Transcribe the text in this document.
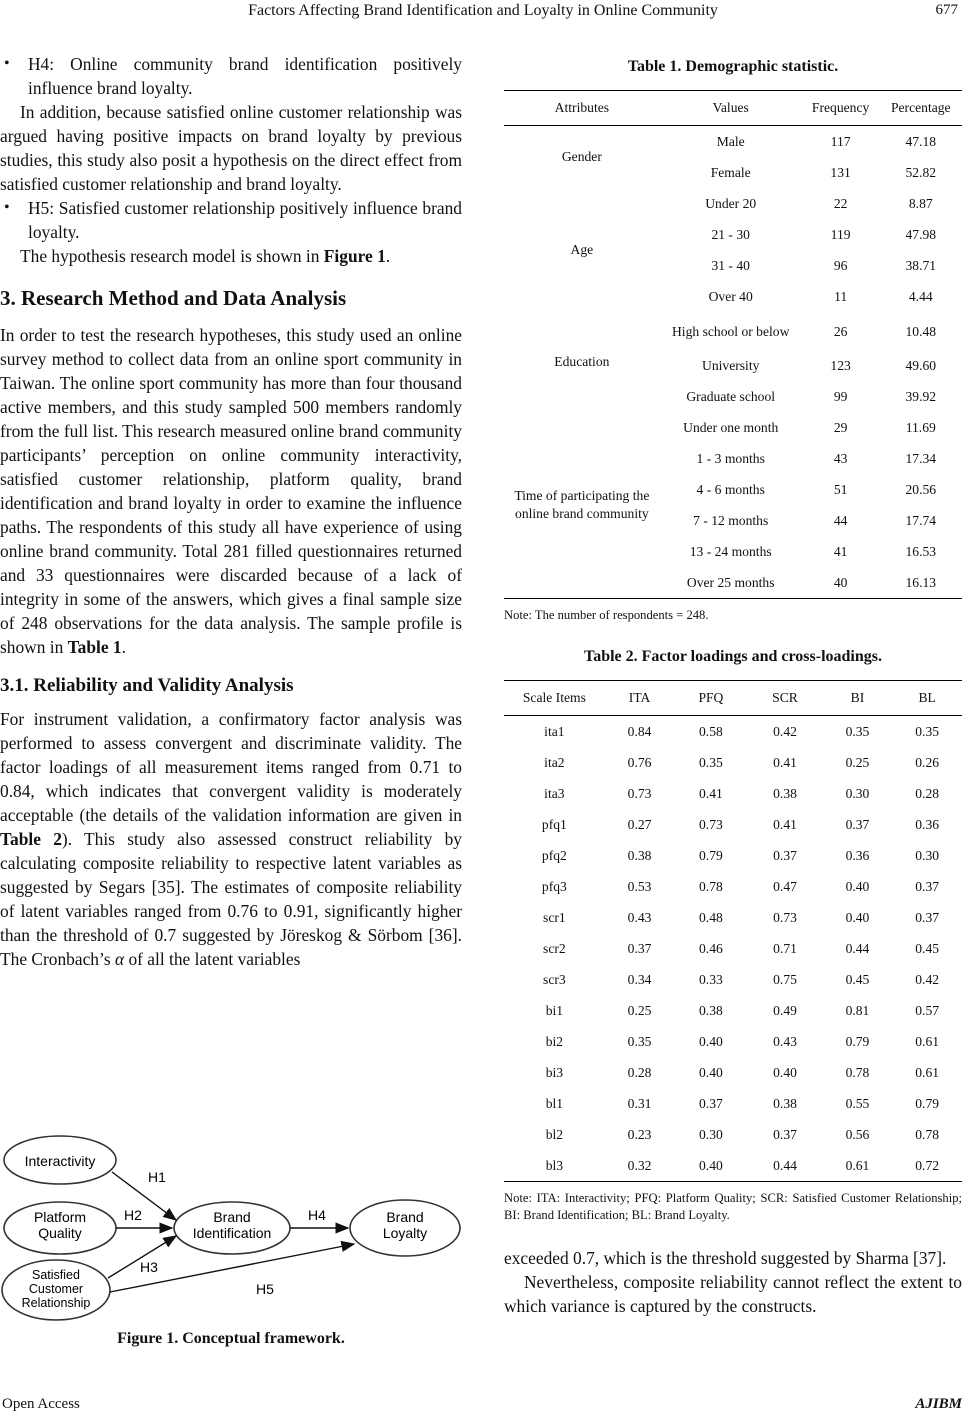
Factors Affecting Brand Identification and Loyalty in Online Community	677
• H4: Online community brand identification positively influence brand loyalty.

In addition, because satisfied online customer relationship was argued having positive impacts on brand loyalty by previous studies, this study also posit a hypothesis on the direct effect from satisfied customer relationship and brand loyalty.

• H5: Satisfied customer relationship positively influence brand loyalty.

The hypothesis research model is shown in Figure 1.

3. Research Method and Data Analysis

In order to test the research hypotheses, this study used an online survey method to collect data from an online sport community in Taiwan. The online sport community has more than four thousand active members, and this study sampled 500 members randomly from the full list. This research measured online brand community participants’ perception on online community interactivity, satisfied customer relationship, platform quality, brand identification and brand loyalty in order to examine the influence paths. The respondents of this study all have experience of using online brand community. Total 281 filled questionnaires returned and 33 questionnaires were discarded because of a lack of integrity in some of the answers, which gives a final sample size of 248 observations for the data analysis. The sample profile is shown in Table 1.

3.1. Reliability and Validity Analysis

For instrument validation, a confirmatory factor analysis was performed to assess convergent and discriminate validity. The factor loadings of all measurement items ranged from 0.71 to 0.84, which indicates that convergent validity is moderately acceptable (the details of the validation information are given in Table 2). This study also assessed construct reliability by calculating composite reliability to respective latent variables as suggested by Segars [35]. The estimates of composite reliability of latent variables ranged from 0.76 to 0.91, significantly higher than the threshold of 0.7 suggested by Jöreskog & Sörbom [36]. The Cronbach’s α of all the latent variables

Interactivity
Platform
Quality
Satisfied
Customer
Relationship
Brand
Identification
Brand
Loyalty
H1
H2
H3
H4
H5
Figure 1. Conceptual framework.

Table 1. Demographic statistic.

Attributes	Values	Frequency	Percentage
Gender	Male	117	47.18
	Female	131	52.82
Age	Under 20	22	8.87
	21 - 30	119	47.98
	31 - 40	96	38.71
	Over 40	11	4.44
Education	High school or below	26	10.48
	University	123	49.60
	Graduate school	99	39.92
Time of participating the online brand community	Under one month	29	11.69
	1 - 3 months	43	17.34
	4 - 6 months	51	20.56
	7 - 12 months	44	17.74
	13 - 24 months	41	16.53
	Over 25 months	40	16.13
Note: The number of respondents = 248.

Table 2. Factor loadings and cross-loadings.

Scale Items	ITA	PFQ	SCR	BI	BL
ita1	0.84	0.58	0.42	0.35	0.35
ita2	0.76	0.35	0.41	0.25	0.26
ita3	0.73	0.41	0.38	0.30	0.28
pfq1	0.27	0.73	0.41	0.37	0.36
pfq2	0.38	0.79	0.37	0.36	0.30
pfq3	0.53	0.78	0.47	0.40	0.37
scr1	0.43	0.48	0.73	0.40	0.37
scr2	0.37	0.46	0.71	0.44	0.45
scr3	0.34	0.33	0.75	0.45	0.42
bi1	0.25	0.38	0.49	0.81	0.57
bi2	0.35	0.40	0.43	0.79	0.61
bi3	0.28	0.40	0.40	0.78	0.61
bl1	0.31	0.37	0.38	0.55	0.79
bl2	0.23	0.30	0.37	0.56	0.78
bl3	0.32	0.40	0.44	0.61	0.72
Note: ITA: Interactivity; PFQ: Platform Quality; SCR: Satisfied Customer Relationship; BI: Brand Identification; BL: Brand Loyalty.

exceeded 0.7, which is the threshold suggested by Sharma [37].

Nevertheless, composite reliability cannot reflect the extent to which variance is captured by the constructs.

Open Access	AJIBM
